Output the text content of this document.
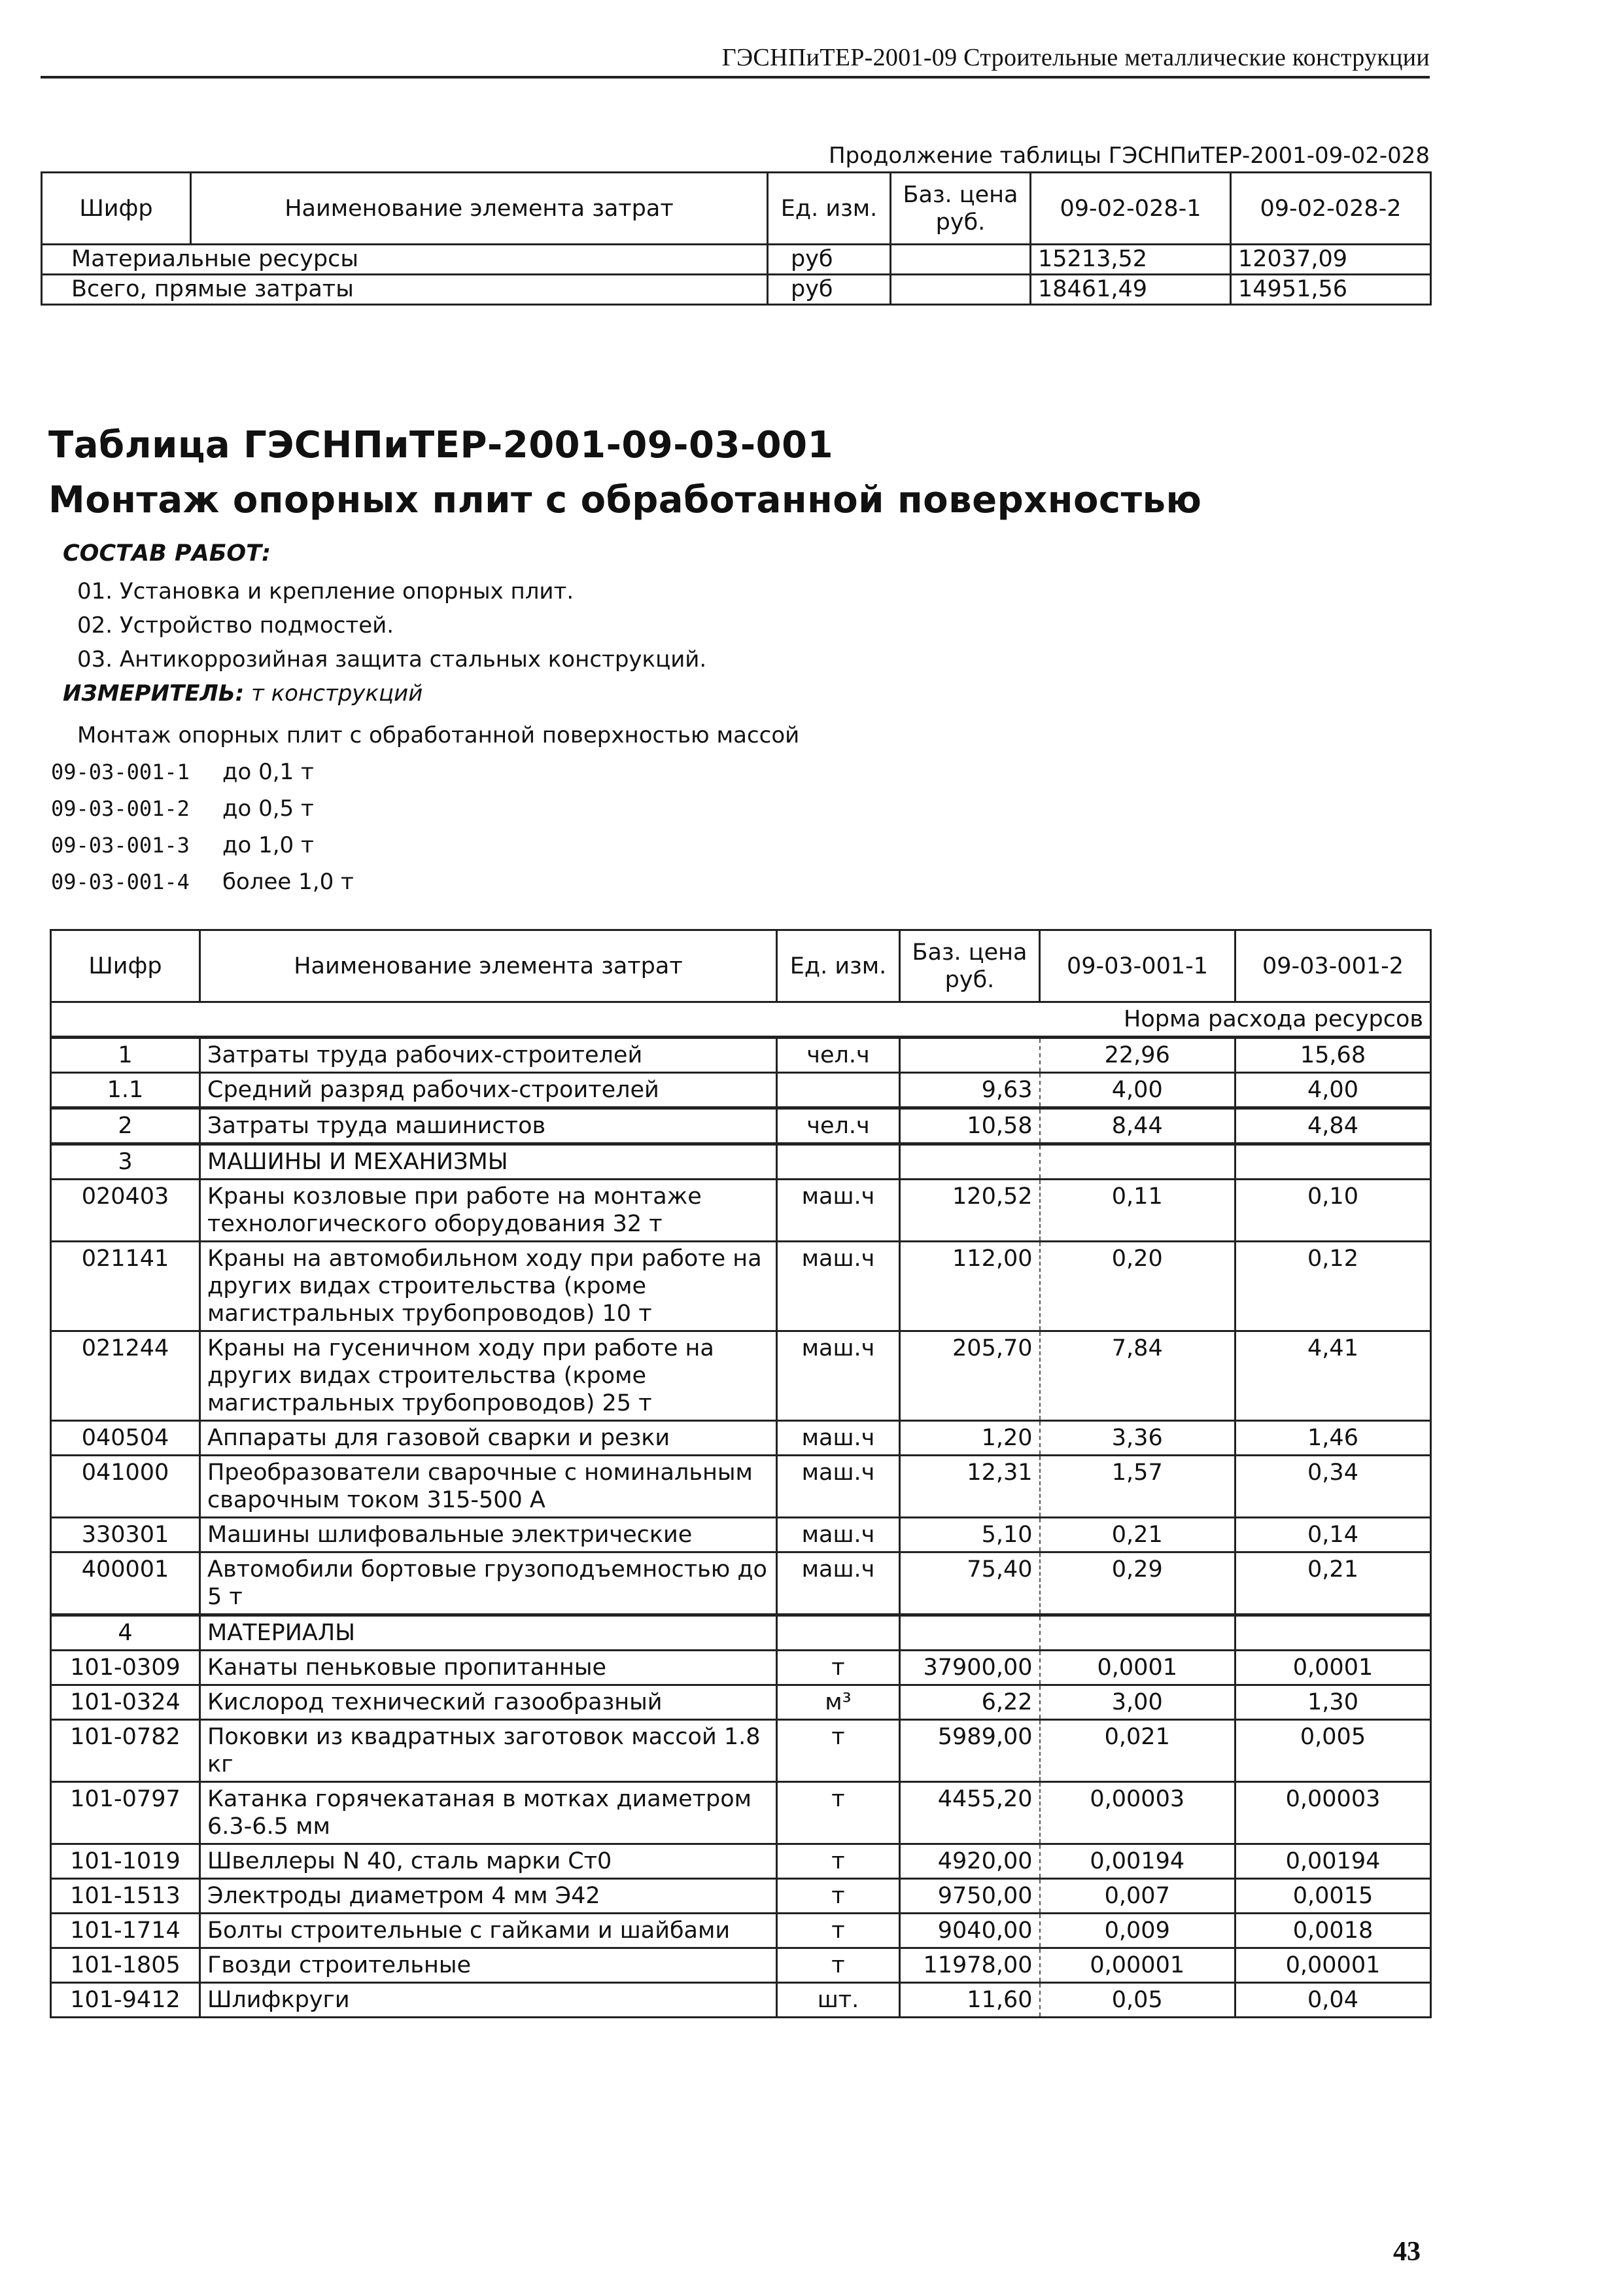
ГЭСНПиТЕР-2001-09 Строительные металлические конструкции
Продолжение таблицы ГЭСНПиТЕР-2001-09-02-028
Шифр	Наименование элемента затрат	Ед. изм.	Баз. цена руб.	09-02-028-1	09-02-028-2
Материальные ресурсы		руб		15213,52	12037,09
Всего, прямые затраты		руб		18461,49	14951,56
Таблица ГЭСНПиТЕР-2001-09-03-001
Монтаж опорных плит с обработанной поверхностью
СОСТАВ РАБОТ:
01. Установка и крепление опорных плит.
02. Устройство подмостей.
03. Антикоррозийная защита стальных конструкций.
ИЗМЕРИТЕЛЬ: т конструкций
Монтаж опорных плит с обработанной поверхностью массой
09-03-001-1 до 0,1 т
09-03-001-2 до 0,5 т
09-03-001-3 до 1,0 т
09-03-001-4 более 1,0 т
Шифр	Наименование элемента затрат	Ед. изм.	Баз. цена руб.	09-03-001-1	09-03-001-2
Норма расхода ресурсов					
1	Затраты труда рабочих-строителей	чел.ч		22,96	15,68
1.1	Средний разряд рабочих-строителей		9,63	4,00	4,00
2	Затраты труда машинистов	чел.ч	10,58	8,44	4,84
3	МАШИНЫ И МЕХАНИЗМЫ				
020403	Краны козловые при работе на монтаже технологического оборудования 32 т	маш.ч	120,52	0,11	0,10
021141	Краны на автомобильном ходу при работе на других видах строительства (кроме магистральных трубопроводов) 10 т	маш.ч	112,00	0,20	0,12
021244	Краны на гусеничном ходу при работе на других видах строительства (кроме магистральных трубопроводов) 25 т	маш.ч	205,70	7,84	4,41
040504	Аппараты для газовой сварки и резки	маш.ч	1,20	3,36	1,46
041000	Преобразователи сварочные с номинальным сварочным током 315-500 А	маш.ч	12,31	1,57	0,34
330301	Машины шлифовальные электрические	маш.ч	5,10	0,21	0,14
400001	Автомобили бортовые грузоподъемностью до 5 т	маш.ч	75,40	0,29	0,21
4	МАТЕРИАЛЫ				
101-0309	Канаты пеньковые пропитанные	т	37900,00	0,0001	0,0001
101-0324	Кислород технический газообразный	м³	6,22	3,00	1,30
101-0782	Поковки из квадратных заготовок массой 1.8 кг	т	5989,00	0,021	0,005
101-0797	Катанка горячекатаная в мотках диаметром 6.3-6.5 мм	т	4455,20	0,00003	0,00003
101-1019	Швеллеры N 40, сталь марки Ст0	т	4920,00	0,00194	0,00194
101-1513	Электроды диаметром 4 мм Э42	т	9750,00	0,007	0,0015
101-1714	Болты строительные с гайками и шайбами	т	9040,00	0,009	0,0018
101-1805	Гвозди строительные	т	11978,00	0,00001	0,00001
101-9412	Шлифкруги	шт.	11,60	0,05	0,04
43
